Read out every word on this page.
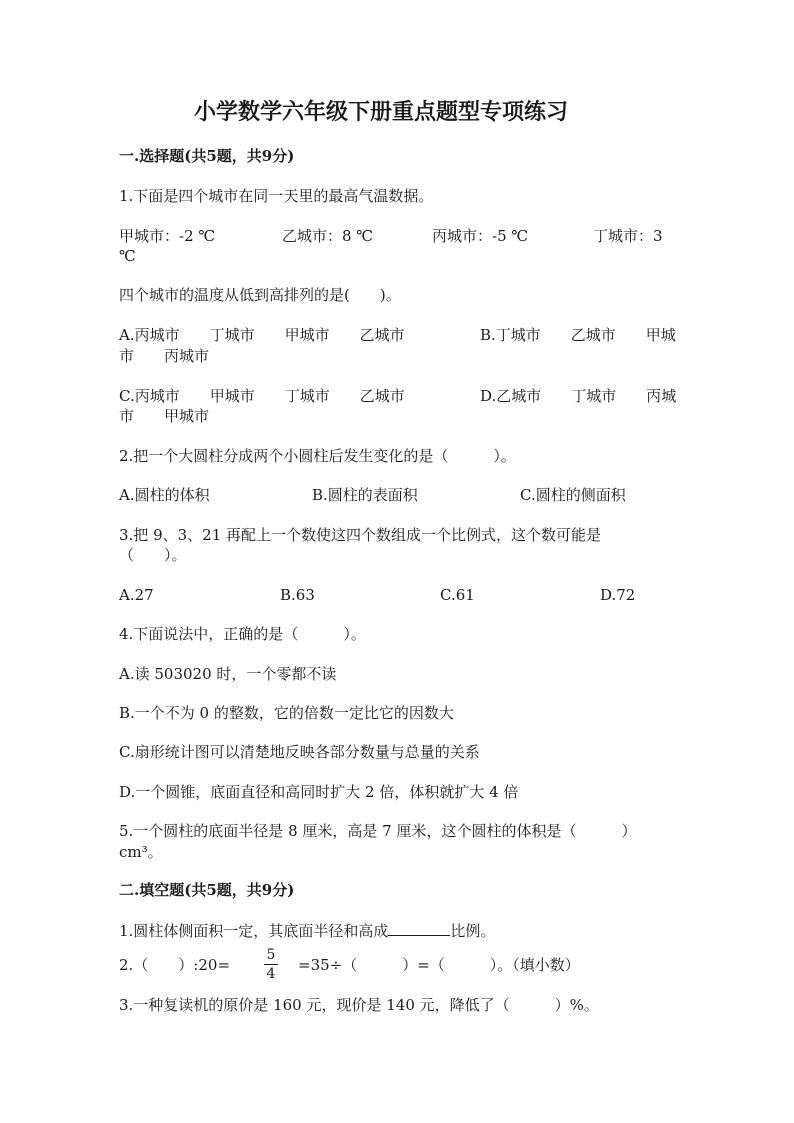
小学数学六年级下册重点题型专项练习
一.选择题(共5题，共9分)
1.下面是四个城市在同一天里的最高气温数据。
甲城市：-2 ℃	乙城市：8 ℃	丙城市：-5 ℃	丁城市：3
℃
四个城市的温度从低到高排列的是(　　)。
A.丙城市　　丁城市　　甲城市　　乙城市	B.丁城市　　乙城市　　甲城
市　　丙城市
C.丙城市　　甲城市　　丁城市　　乙城市	D.乙城市　　丁城市　　丙城
市　　甲城市
2.把一个大圆柱分成两个小圆柱后发生变化的是（　　　）。
A.圆柱的体积	B.圆柱的表面积	C.圆柱的侧面积
3.把 9、3、21 再配上一个数使这四个数组成一个比例式，这个数可能是
（　　）。
A.27	B.63	C.61	D.72
4.下面说法中，正确的是（　　　）。
A.读 503020 时，一个零都不读
B.一个不为 0 的整数，它的倍数一定比它的因数大
C.扇形统计图可以清楚地反映各部分数量与总量的关系
D.一个圆锥，底面直径和高同时扩大 2 倍，体积就扩大 4 倍
5.一个圆柱的底面半径是 8 厘米，高是 7 厘米，这个圆柱的体积是（　　　）
cm³。
二.填空题(共5题，共9分)
1.圆柱体侧面积一定，其底面半径和高成	比例。
2.（　　）:20=
5
4 =35÷（　　　）=（　　　）。（填小数）
3.一种复读机的原价是 160 元，现价是 140 元，降低了（　　　）%。
